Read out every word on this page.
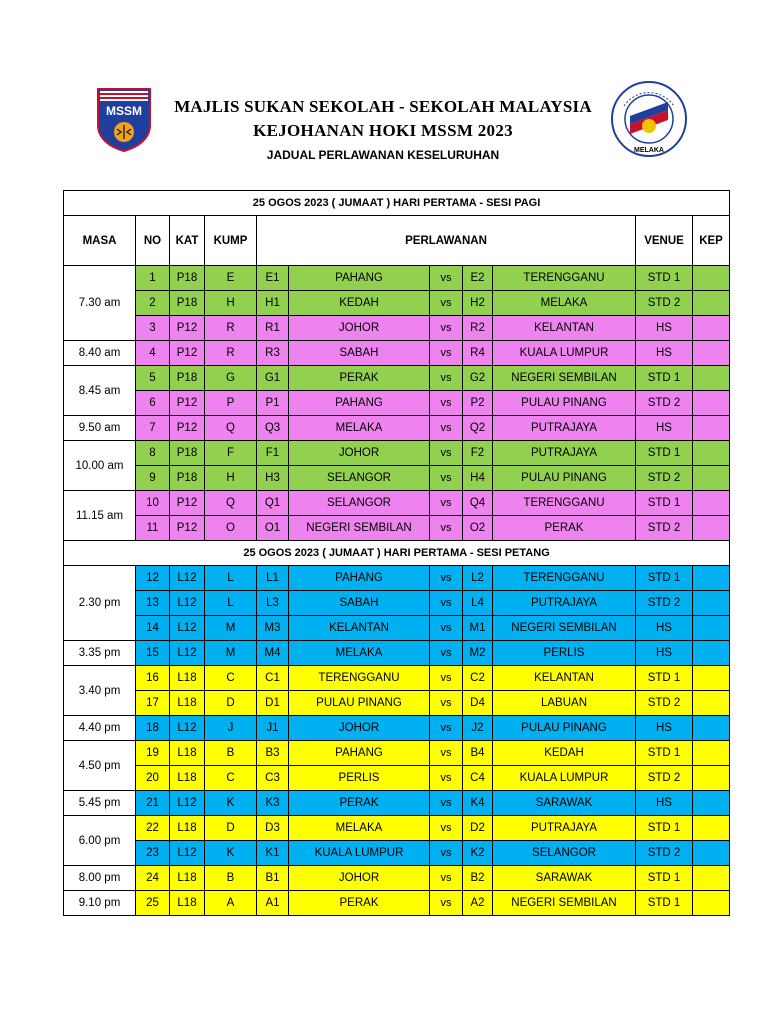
MSSM
MELAKA
MAJLIS SUKAN SEKOLAH - SEKOLAH MALAYSIA
KEJOHANAN HOKI MSSM 2023
JADUAL PERLAWANAN KESELURUHAN
25 OGOS 2023 ( JUMAAT ) HARI PERTAMA - SESI PAGI										
MASA	NO	KAT	KUMP	PERLAWANAN					VENUE	KEP
7.30 am	1	P18	E	E1	PAHANG	vs	E2	TERENGGANU	STD 1	
	2	P18	H	H1	KEDAH	vs	H2	MELAKA	STD 2	
	3	P12	R	R1	JOHOR	vs	R2	KELANTAN	HS	
8.40 am	4	P12	R	R3	SABAH	vs	R4	KUALA LUMPUR	HS	
8.45 am	5	P18	G	G1	PERAK	vs	G2	NEGERI SEMBILAN	STD 1	
	6	P12	P	P1	PAHANG	vs	P2	PULAU PINANG	STD 2	
9.50 am	7	P12	Q	Q3	MELAKA	vs	Q2	PUTRAJAYA	HS	
10.00 am	8	P18	F	F1	JOHOR	vs	F2	PUTRAJAYA	STD 1	
	9	P18	H	H3	SELANGOR	vs	H4	PULAU PINANG	STD 2	
11.15 am	10	P12	Q	Q1	SELANGOR	vs	Q4	TERENGGANU	STD 1	
	11	P12	O	O1	NEGERI SEMBILAN	vs	O2	PERAK	STD 2	
25 OGOS 2023 ( JUMAAT ) HARI PERTAMA - SESI PETANG										
2.30 pm	12	L12	L	L1	PAHANG	vs	L2	TERENGGANU	STD 1	
	13	L12	L	L3	SABAH	vs	L4	PUTRAJAYA	STD 2	
	14	L12	M	M3	KELANTAN	vs	M1	NEGERI SEMBILAN	HS	
3.35 pm	15	L12	M	M4	MELAKA	vs	M2	PERLIS	HS	
3.40 pm	16	L18	C	C1	TERENGGANU	vs	C2	KELANTAN	STD 1	
	17	L18	D	D1	PULAU PINANG	vs	D4	LABUAN	STD 2	
4.40 pm	18	L12	J	J1	JOHOR	vs	J2	PULAU PINANG	HS	
4.50 pm	19	L18	B	B3	PAHANG	vs	B4	KEDAH	STD 1	
	20	L18	C	C3	PERLIS	vs	C4	KUALA LUMPUR	STD 2	
5.45 pm	21	L12	K	K3	PERAK	vs	K4	SARAWAK	HS	
6.00 pm	22	L18	D	D3	MELAKA	vs	D2	PUTRAJAYA	STD 1	
	23	L12	K	K1	KUALA LUMPUR	vs	K2	SELANGOR	STD 2	
8.00 pm	24	L18	B	B1	JOHOR	vs	B2	SARAWAK	STD 1	
9.10 pm	25	L18	A	A1	PERAK	vs	A2	NEGERI SEMBILAN	STD 1	
